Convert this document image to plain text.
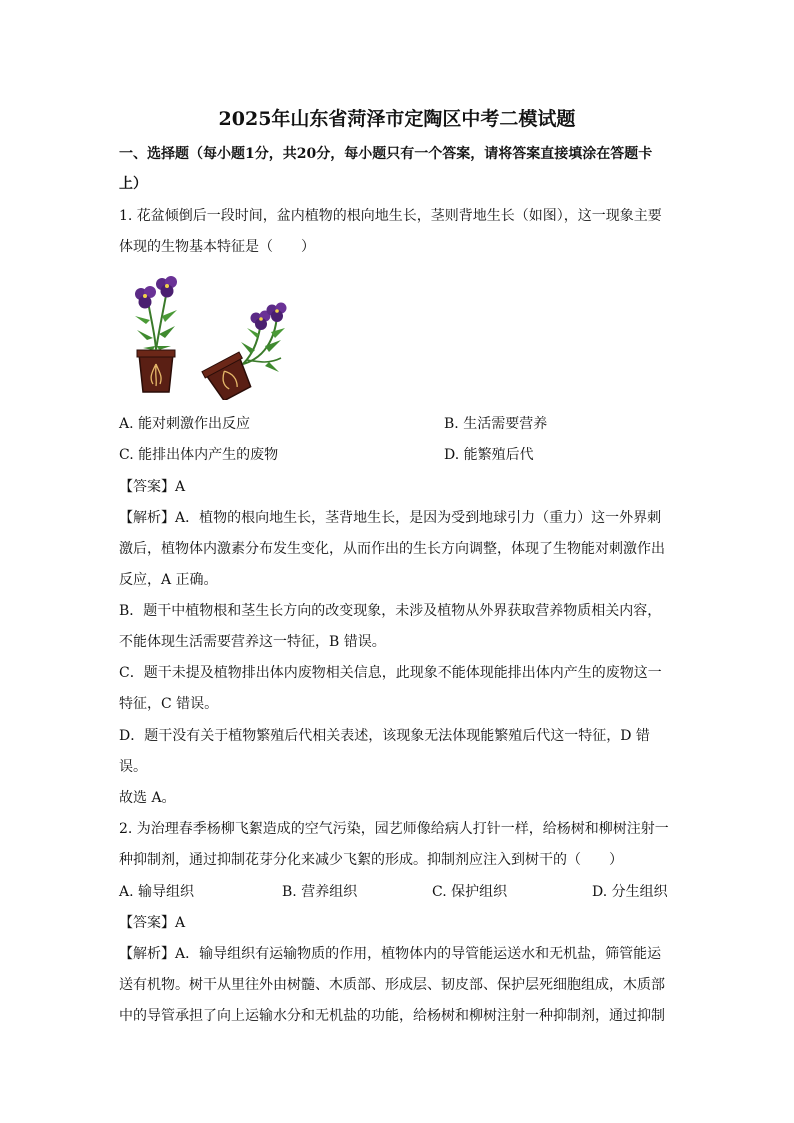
2025年山东省菏泽市定陶区中考二模试题
一、选择题（每小题1分，共20分，每小题只有一个答案，请将答案直接填涂在答题卡
上）
1. 花盆倾倒后一段时间，盆内植物的根向地生长，茎则背地生长（如图），这一现象主要
体现的生物基本特征是（　　）
A. 能对刺激作出反应	B. 生活需要营养
C. 能排出体内产生的废物	D. 能繁殖后代
【答案】A
【解析】A．植物的根向地生长，茎背地生长，是因为受到地球引力（重力）这一外界刺
激后，植物体内激素分布发生变化，从而作出的生长方向调整，体现了生物能对刺激作出
反应，A 正确。
B．题干中植物根和茎生长方向的改变现象，未涉及植物从外界获取营养物质相关内容，
不能体现生活需要营养这一特征，B 错误。
C．题干未提及植物排出体内废物相关信息，此现象不能体现能排出体内产生的废物这一
特征，C 错误。
D．题干没有关于植物繁殖后代相关表述，该现象无法体现能繁殖后代这一特征，D 错
误。
故选 A。
2. 为治理春季杨柳飞絮造成的空气污染，园艺师像给病人打针一样，给杨树和柳树注射一
种抑制剂，通过抑制花芽分化来减少飞絮的形成。抑制剂应注入到树干的（　　）
A. 输导组织	B. 营养组织	C. 保护组织	D. 分生组织
【答案】A
【解析】A．输导组织有运输物质的作用，植物体内的导管能运送水和无机盐，筛管能运
送有机物。树干从里往外由树髓、木质部、形成层、韧皮部、保护层死细胞组成，木质部
中的导管承担了向上运输水分和无机盐的功能，给杨树和柳树注射一种抑制剂，通过抑制
